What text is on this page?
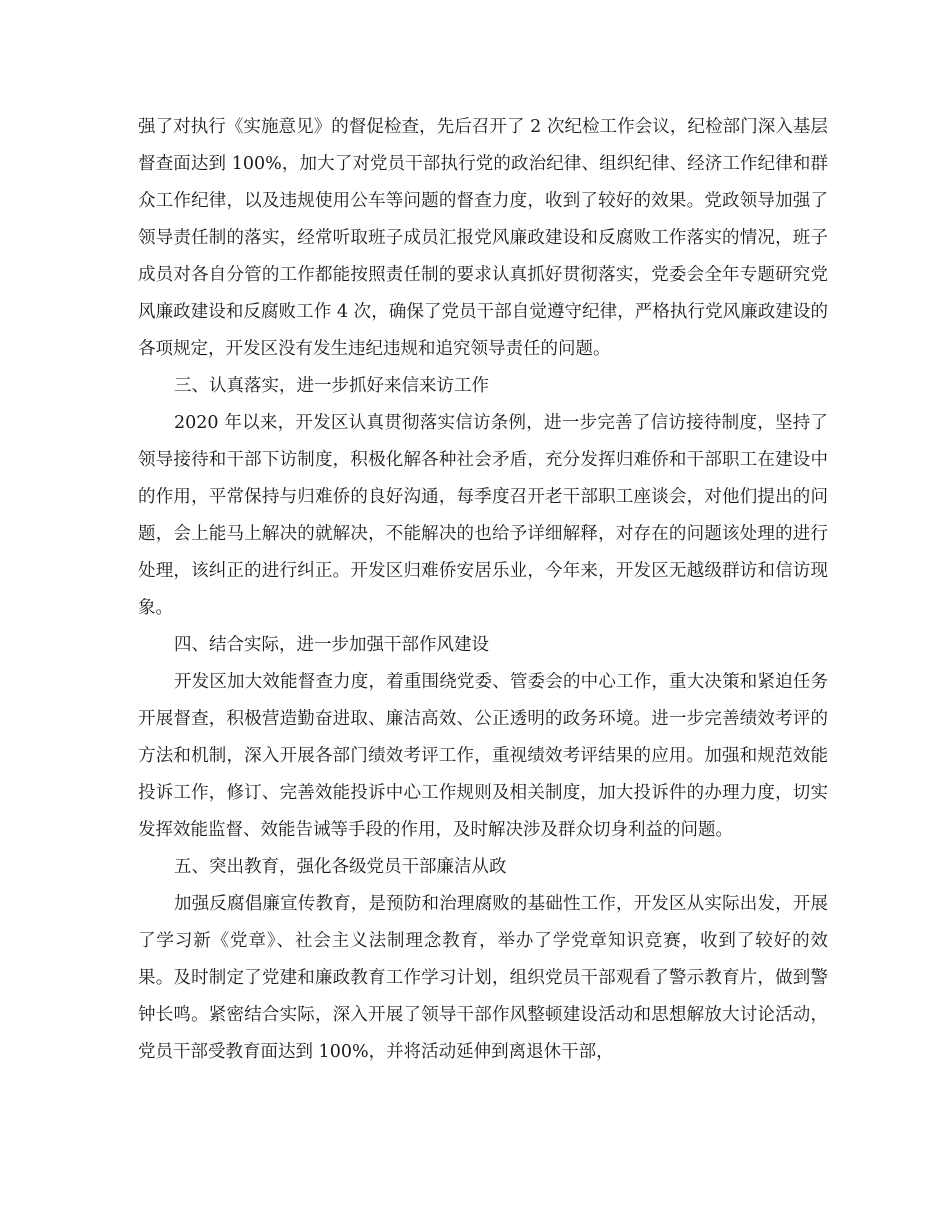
强了对执行《实施意见》的督促检查，先后召开了 2 次纪检工作会议，纪检部门深入基层督查面达到 100%，加大了对党员干部执行党的政治纪律、组织纪律、经济工作纪律和群众工作纪律，以及违规使用公车等问题的督查力度，收到了较好的效果。党政领导加强了领导责任制的落实，经常听取班子成员汇报党风廉政建设和反腐败工作落实的情况，班子成员对各自分管的工作都能按照责任制的要求认真抓好贯彻落实，党委会全年专题研究党风廉政建设和反腐败工作 4 次，确保了党员干部自觉遵守纪律，严格执行党风廉政建设的各项规定，开发区没有发生违纪违规和追究领导责任的问题。

三、认真落实，进一步抓好来信来访工作

2020 年以来，开发区认真贯彻落实信访条例，进一步完善了信访接待制度，坚持了领导接待和干部下访制度，积极化解各种社会矛盾，充分发挥归难侨和干部职工在建设中的作用，平常保持与归难侨的良好沟通，每季度召开老干部职工座谈会，对他们提出的问题，会上能马上解决的就解决，不能解决的也给予详细解释，对存在的问题该处理的进行处理，该纠正的进行纠正。开发区归难侨安居乐业，今年来，开发区无越级群访和信访现象。

四、结合实际，进一步加强干部作风建设

开发区加大效能督查力度，着重围绕党委、管委会的中心工作，重大决策和紧迫任务开展督查，积极营造勤奋进取、廉洁高效、公正透明的政务环境。进一步完善绩效考评的方法和机制，深入开展各部门绩效考评工作，重视绩效考评结果的应用。加强和规范效能投诉工作，修订、完善效能投诉中心工作规则及相关制度，加大投诉件的办理力度，切实发挥效能监督、效能告诫等手段的作用，及时解决涉及群众切身利益的问题。

五、突出教育，强化各级党员干部廉洁从政

加强反腐倡廉宣传教育，是预防和治理腐败的基础性工作，开发区从实际出发，开展了学习新《党章》、社会主义法制理念教育，举办了学党章知识竞赛，收到了较好的效果。及时制定了党建和廉政教育工作学习计划，组织党员干部观看了警示教育片，做到警钟长鸣。紧密结合实际，深入开展了领导干部作风整顿建设活动和思想解放大讨论活动，党员干部受教育面达到 100%，并将活动延伸到离退休干部，
